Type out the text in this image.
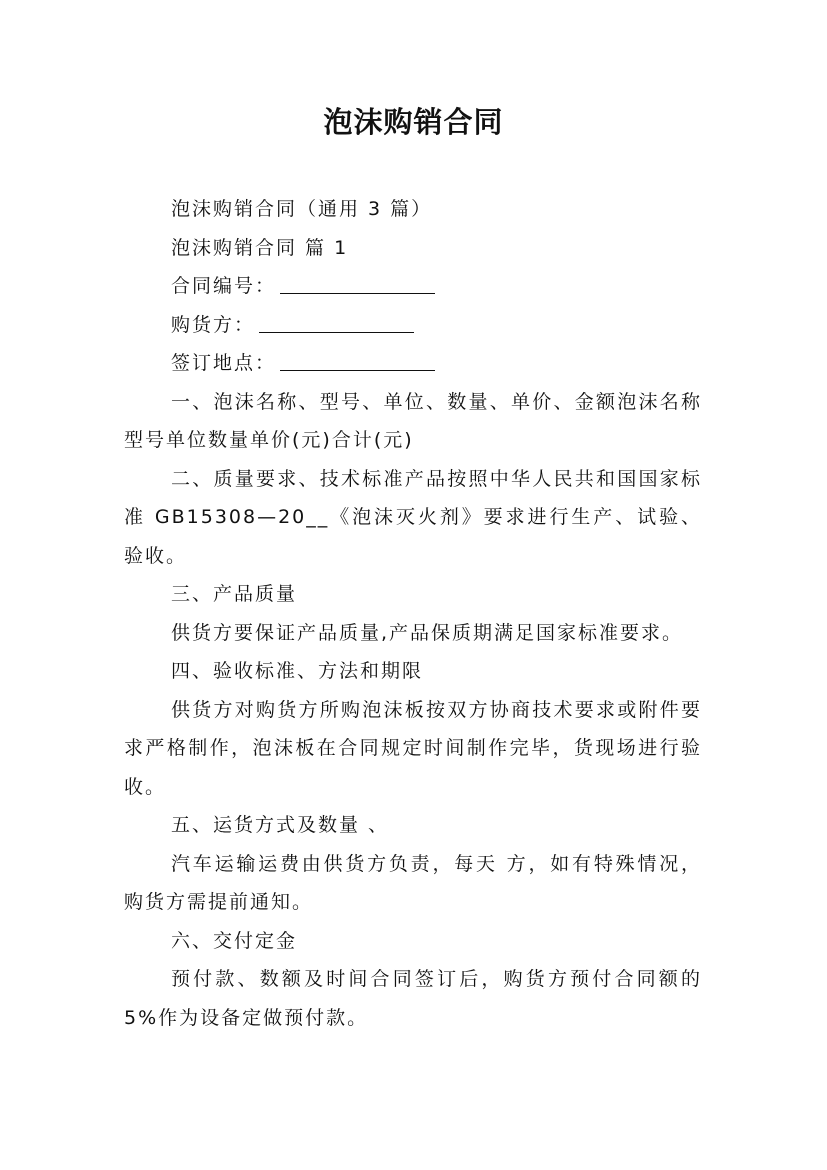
泡沫购销合同

泡沫购销合同（通用 3 篇）

泡沫购销合同 篇 1

合同编号：

购货方：

签订地点：

一、泡沫名称、型号、单位、数量、单价、金额泡沫名称型号单位数量单价(元)合计(元)

二、质量要求、技术标准产品按照中华人民共和国国家标准 GB15308—20__《泡沫灭火剂》要求进行生产、试验、验收。

三、产品质量

供货方要保证产品质量,产品保质期满足国家标准要求。

四、验收标准、方法和期限

供货方对购货方所购泡沫板按双方协商技术要求或附件要求严格制作，泡沫板在合同规定时间制作完毕，货现场进行验收。

五、运货方式及数量 、

汽车运输运费由供货方负责，每天 方，如有特殊情况，购货方需提前通知。

六、交付定金

预付款、数额及时间合同签订后，购货方预付合同额的 5%作为设备定做预付款。
